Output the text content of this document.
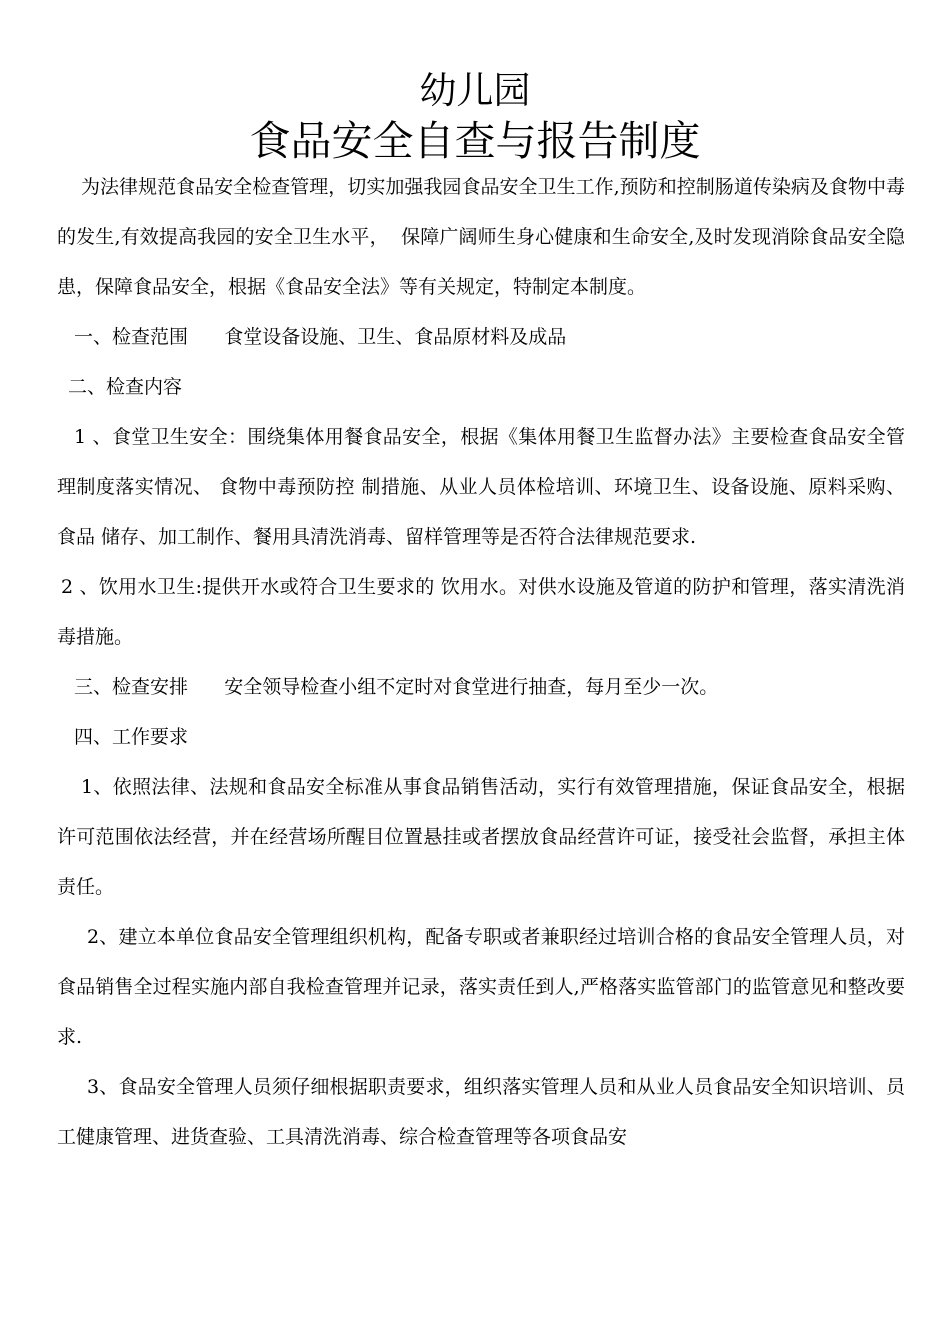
幼儿园
食品安全自查与报告制度

为法律规范食品安全检查管理，切实加强我园食品安全卫生工作,预防和控制肠道传染病及食物中毒的发生,有效提高我园的安全卫生水平，  保障广阔师生身心健康和生命安全,及时发现消除食品安全隐患，保障食品安全，根据《食品安全法》等有关规定，特制定本制度。

一、检查范围      食堂设备设施、卫生、食品原材料及成品

二、检查内容

1 、食堂卫生安全：围绕集体用餐食品安全，根据《集体用餐卫生监督办法》主要检查食品安全管理制度落实情况、 食物中毒预防控 制措施、从业人员体检培训、环境卫生、设备设施、原料采购、食品 储存、加工制作、餐用具清洗消毒、留样管理等是否符合法律规范要求.

2 、饮用水卫生:提供开水或符合卫生要求的 饮用水。对供水设施及管道的防护和管理，落实清洗消毒措施。

三、检查安排      安全领导检查小组不定时对食堂进行抽查，每月至少一次。

四、工作要求

1、依照法律、法规和食品安全标准从事食品销售活动，实行有效管理措施，保证食品安全，根据许可范围依法经营，并在经营场所醒目位置悬挂或者摆放食品经营许可证，接受社会监督，承担主体责任。

2、建立本单位食品安全管理组织机构，配备专职或者兼职经过培训合格的食品安全管理人员，对食品销售全过程实施内部自我检查管理并记录，落实责任到人,严格落实监管部门的监管意见和整改要求.

3、食品安全管理人员须仔细根据职责要求，组织落实管理人员和从业人员食品安全知识培训、员工健康管理、进货查验、工具清洗消毒、综合检查管理等各项食品安
